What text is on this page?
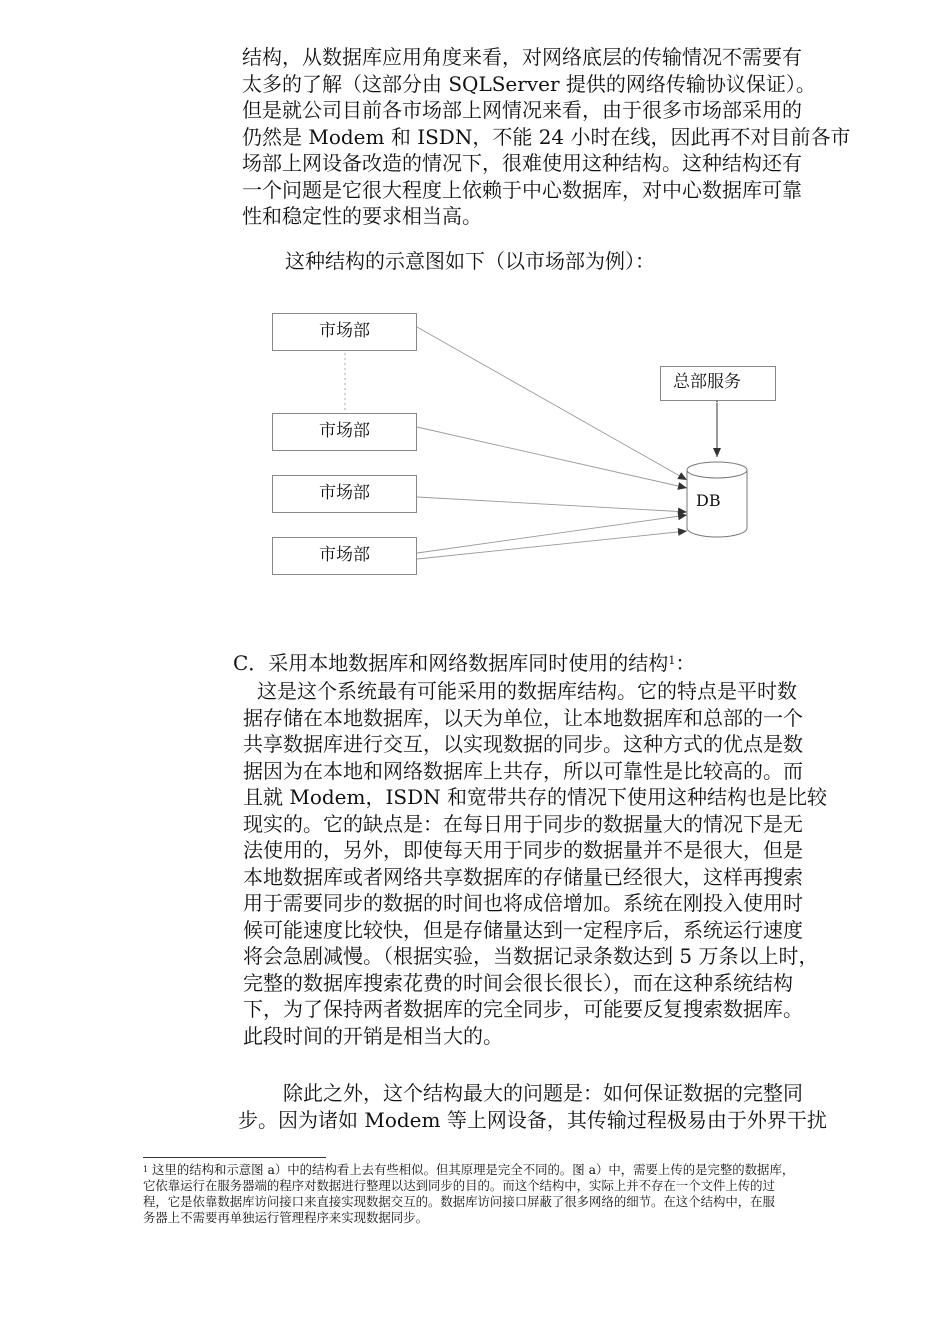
结构，从数据库应用角度来看，对网络底层的传输情况不需要有
太多的了解（这部分由 SQLServer 提供的网络传输协议保证）。
但是就公司目前各市场部上网情况来看，由于很多市场部采用的
仍然是 Modem 和 ISDN，不能 24 小时在线，因此再不对目前各市
场部上网设备改造的情况下，很难使用这种结构。这种结构还有
一个问题是它很大程度上依赖于中心数据库，对中心数据库可靠
性和稳定性的要求相当高。
这种结构的示意图如下（以市场部为例）：
市场部
市场部
市场部
市场部
总部服务
DB
C．采用本地数据库和网络数据库同时使用的结构$^1$：
这是这个系统最有可能采用的数据库结构。它的特点是平时数
据存储在本地数据库，以天为单位，让本地数据库和总部的一个
共享数据库进行交互，以实现数据的同步。这种方式的优点是数
据因为在本地和网络数据库上共存，所以可靠性是比较高的。而
且就 Modem，ISDN 和宽带共存的情况下使用这种结构也是比较
现实的。它的缺点是：在每日用于同步的数据量大的情况下是无
法使用的，另外，即使每天用于同步的数据量并不是很大，但是
本地数据库或者网络共享数据库的存储量已经很大，这样再搜索
用于需要同步的数据的时间也将成倍增加。系统在刚投入使用时
候可能速度比较快，但是存储量达到一定程序后，系统运行速度
将会急剧减慢。（根据实验，当数据记录条数达到 5 万条以上时，
完整的数据库搜索花费的时间会很长很长），而在这种系统结构
下，为了保持两者数据库的完全同步，可能要反复搜索数据库。
此段时间的开销是相当大的。
除此之外，这个结构最大的问题是：如何保证数据的完整同
步。因为诸如 Modem 等上网设备，其传输过程极易由于外界干扰
$^1$ 这里的结构和示意图 a）中的结构看上去有些相似。但其原理是完全不同的。图 a）中，需要上传的是完整的数据库，
它依靠运行在服务器端的程序对数据进行整理以达到同步的目的。而这个结构中，实际上并不存在一个文件上传的过
程，它是依靠数据库访问接口来直接实现数据交互的。数据库访问接口屏蔽了很多网络的细节。在这个结构中，在服
务器上不需要再单独运行管理程序来实现数据同步。
